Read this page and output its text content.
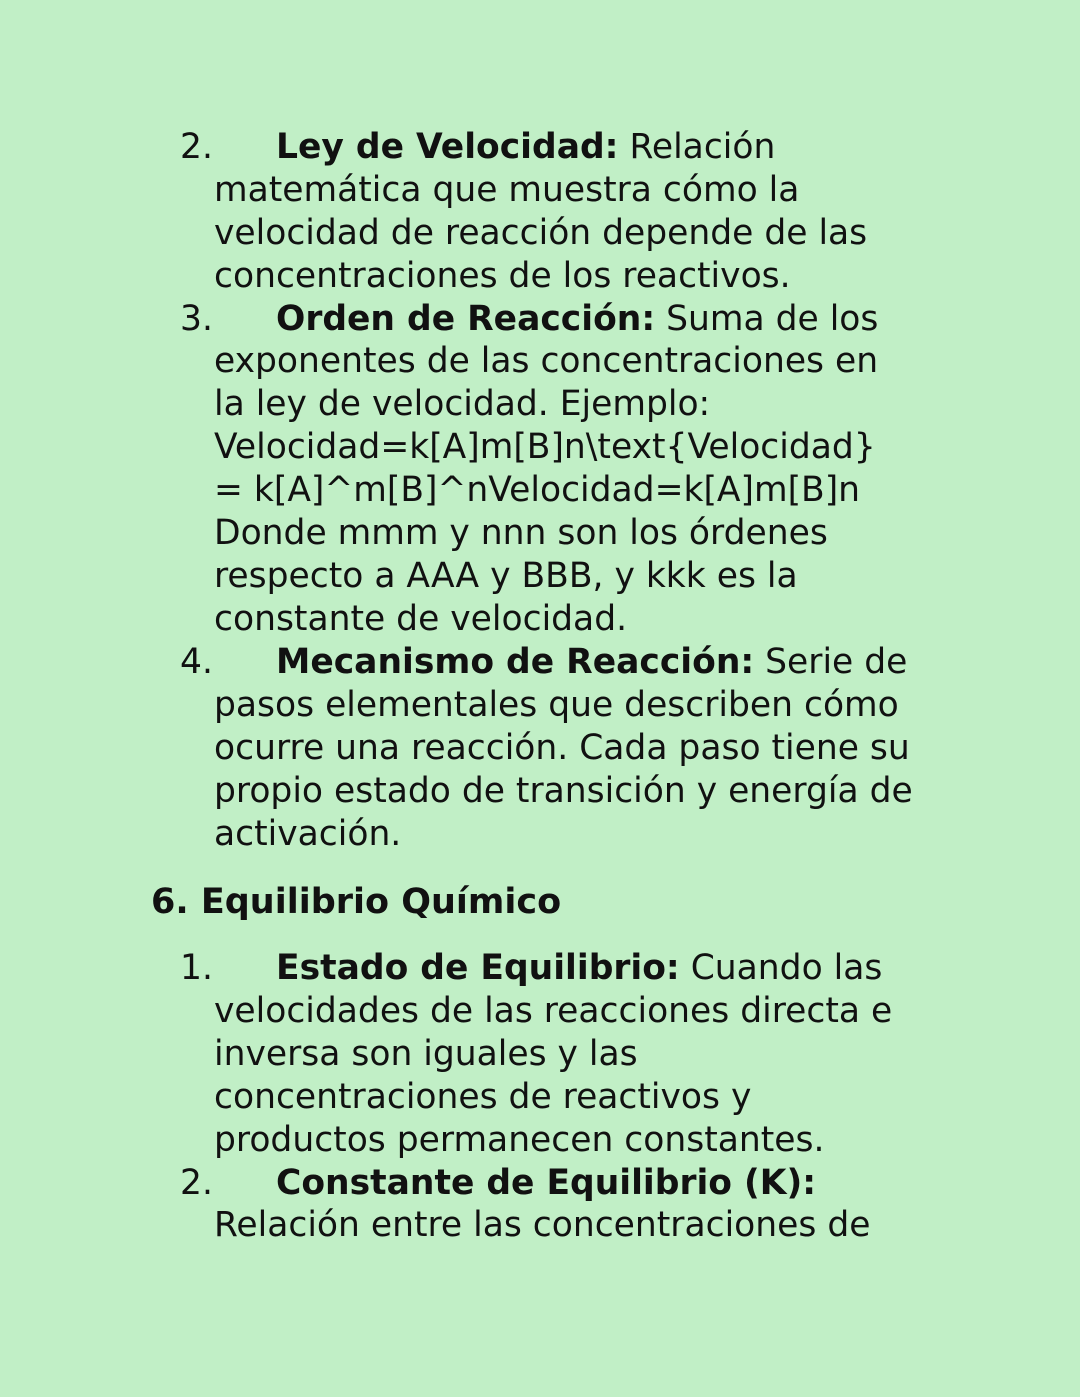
2. Ley de Velocidad: Relación
matemática que muestra cómo la
velocidad de reacción depende de las
concentraciones de los reactivos.
3. Orden de Reacción: Suma de los
exponentes de las concentraciones en
la ley de velocidad. Ejemplo:
Velocidad=k[A]m[B]n\text{Velocidad}
= k[A]^m[B]^nVelocidad=k[A]m[B]n
Donde mmm y nnn son los órdenes
respecto a AAA y BBB, y kkk es la
constante de velocidad.
4. Mecanismo de Reacción: Serie de
pasos elementales que describen cómo
ocurre una reacción. Cada paso tiene su
propio estado de transición y energía de
activación.
6. Equilibrio Químico
1. Estado de Equilibrio: Cuando las
velocidades de las reacciones directa e
inversa son iguales y las
concentraciones de reactivos y
productos permanecen constantes.
2. Constante de Equilibrio (K):
Relación entre las concentraciones de
